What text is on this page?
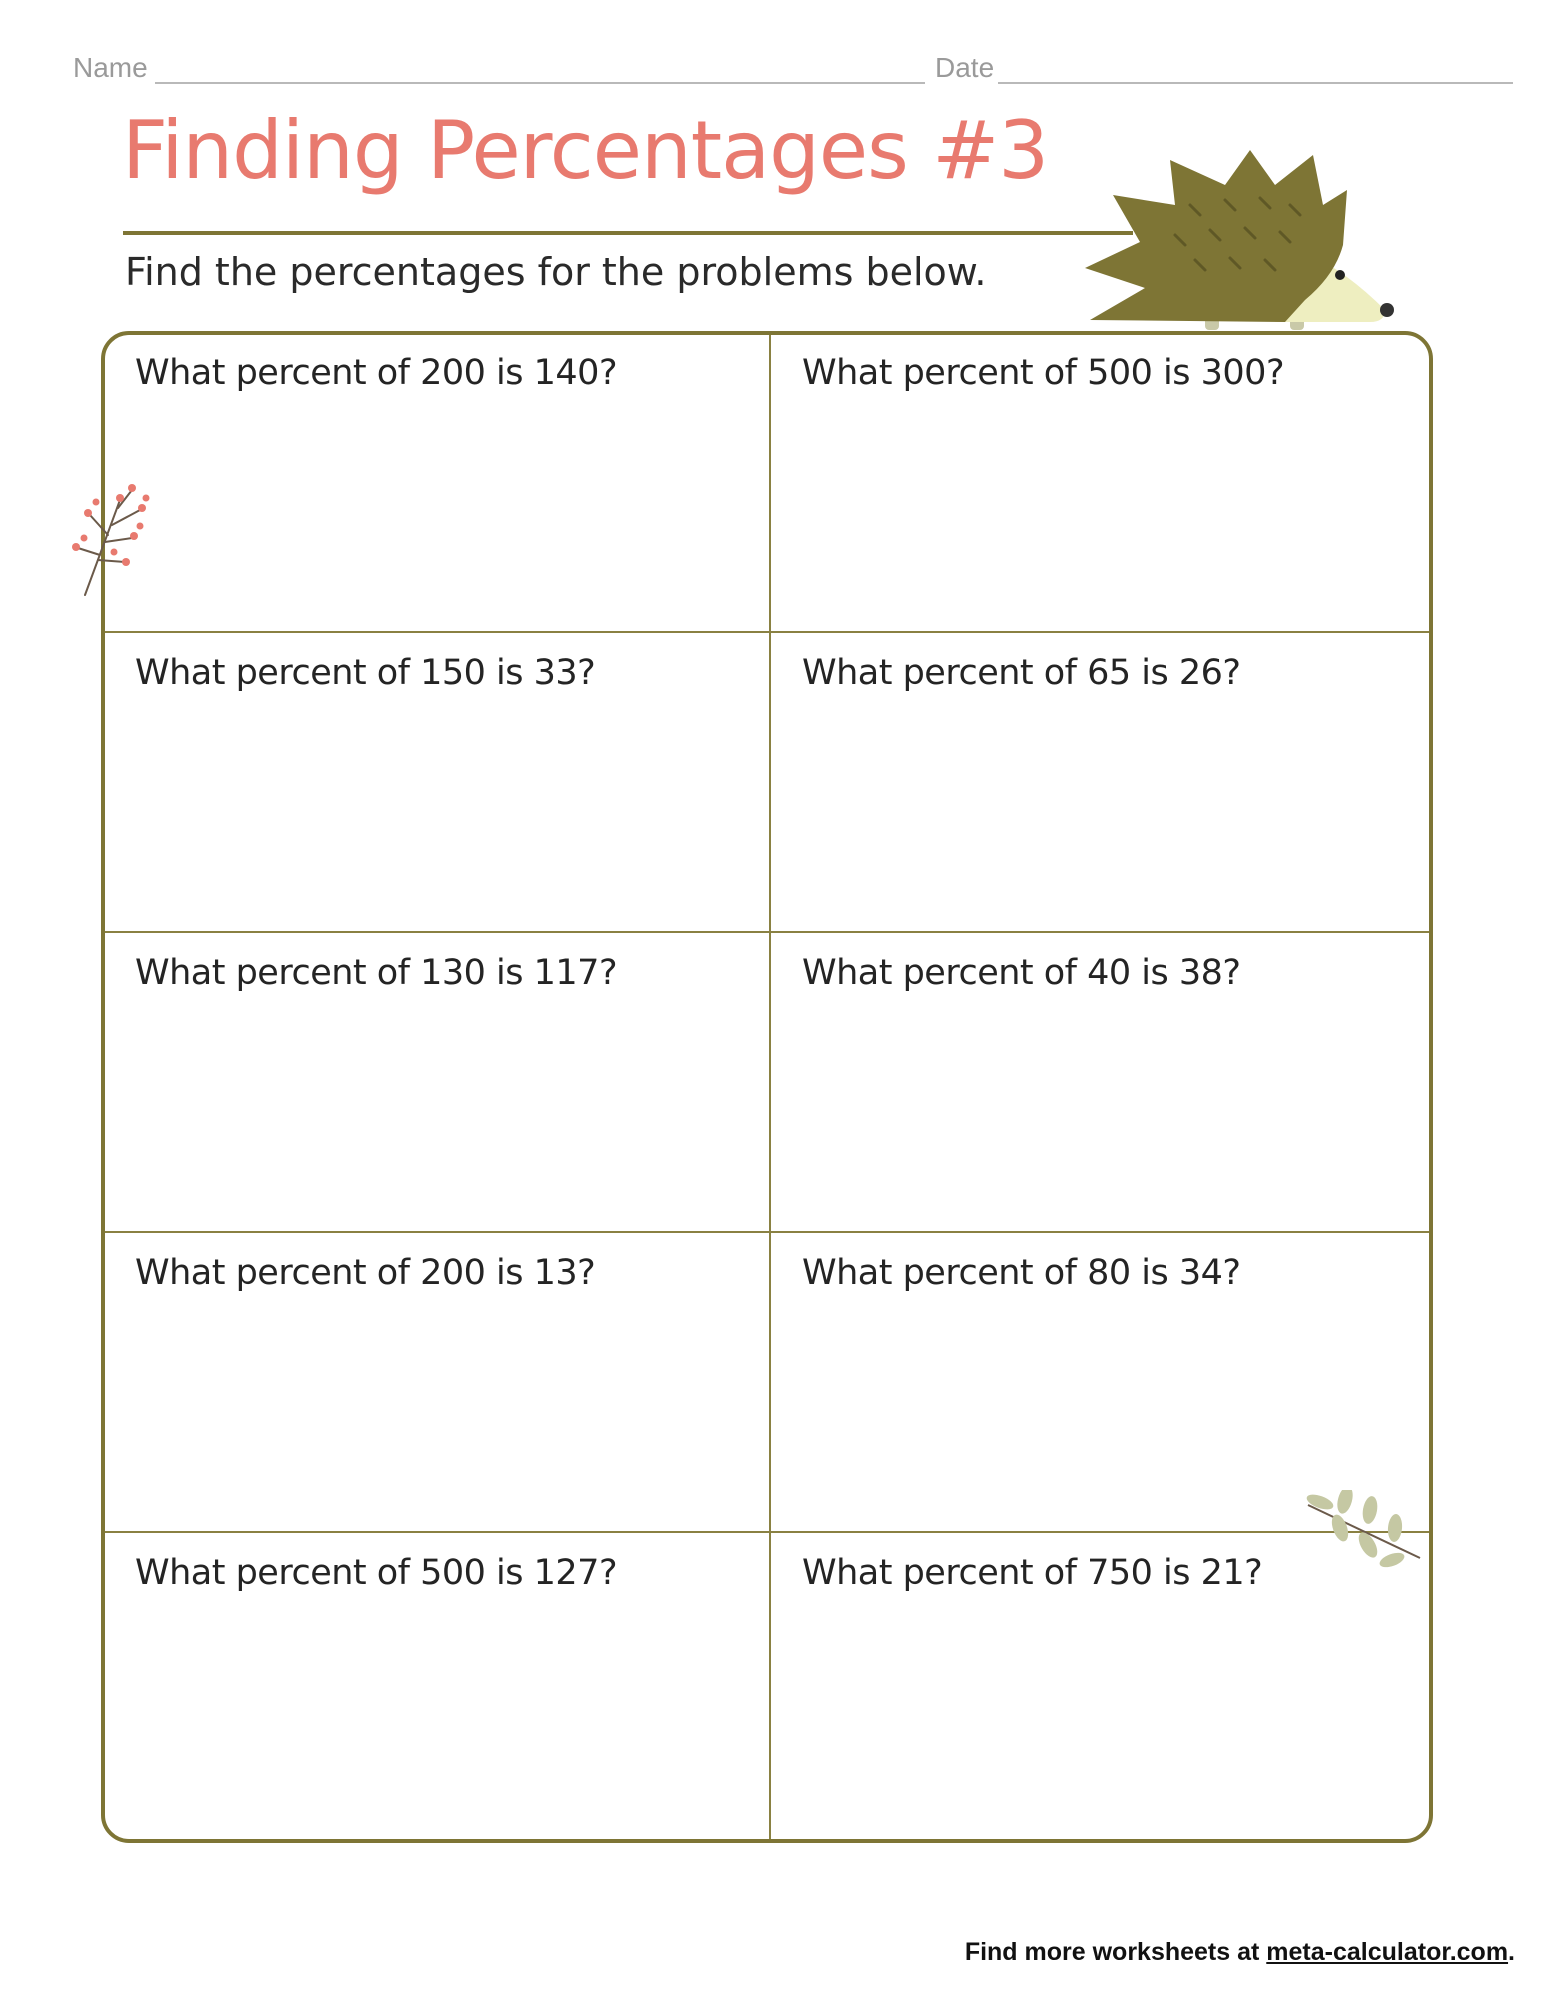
Name	Date
Finding Percentages #3
Find the percentages for the problems below.
What percent of 200 is 140?	What percent of 500 is 300?
What percent of 150 is 33?	What percent of 65 is 26?
What percent of 130 is 117?	What percent of 40 is 38?
What percent of 200 is 13?	What percent of 80 is 34?
What percent of 500 is 127?	What percent of 750 is 21?
Find more worksheets at meta-calculator.com.
